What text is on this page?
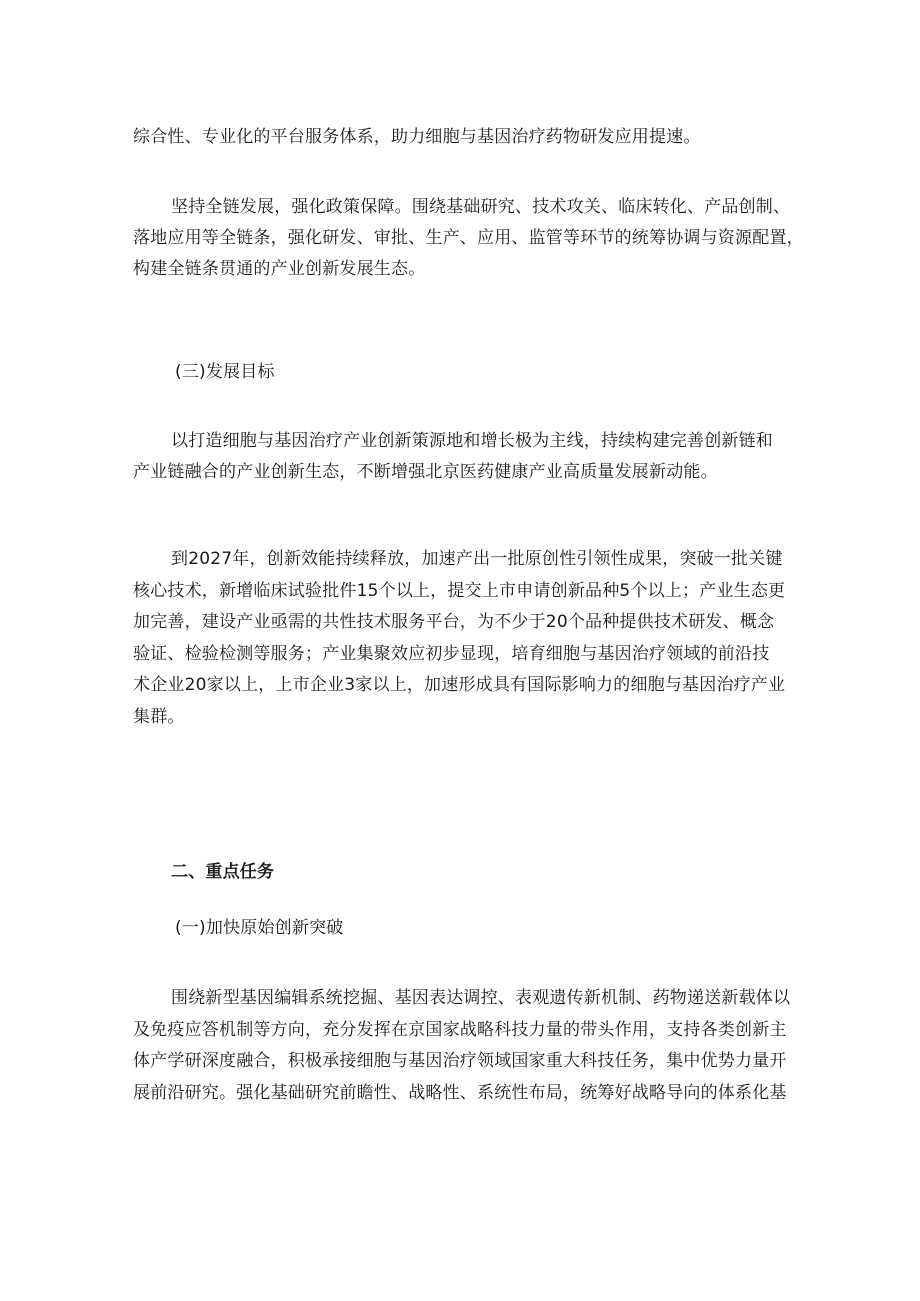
综合性、专业化的平台服务体系，助力细胞与基因治疗药物研发应用提速。
坚持全链发展，强化政策保障。围绕基础研究、技术攻关、临床转化、产品创制、
落地应用等全链条，强化研发、审批、生产、应用、监管等环节的统筹协调与资源配置，
构建全链条贯通的产业创新发展生态。
(三)发展目标
以打造细胞与基因治疗产业创新策源地和增长极为主线，持续构建完善创新链和
产业链融合的产业创新生态，不断增强北京医药健康产业高质量发展新动能。
到2027年，创新效能持续释放，加速产出一批原创性引领性成果，突破一批关键
核心技术，新增临床试验批件15个以上，提交上市申请创新品种5个以上；产业生态更
加完善，建设产业亟需的共性技术服务平台，为不少于20个品种提供技术研发、概念
验证、检验检测等服务；产业集聚效应初步显现，培育细胞与基因治疗领域的前沿技
术企业20家以上，上市企业3家以上，加速形成具有国际影响力的细胞与基因治疗产业
集群。
二、重点任务
(一)加快原始创新突破
围绕新型基因编辑系统挖掘、基因表达调控、表观遗传新机制、药物递送新载体以
及免疫应答机制等方向，充分发挥在京国家战略科技力量的带头作用，支持各类创新主
体产学研深度融合，积极承接细胞与基因治疗领域国家重大科技任务，集中优势力量开
展前沿研究。强化基础研究前瞻性、战略性、系统性布局，统筹好战略导向的体系化基
